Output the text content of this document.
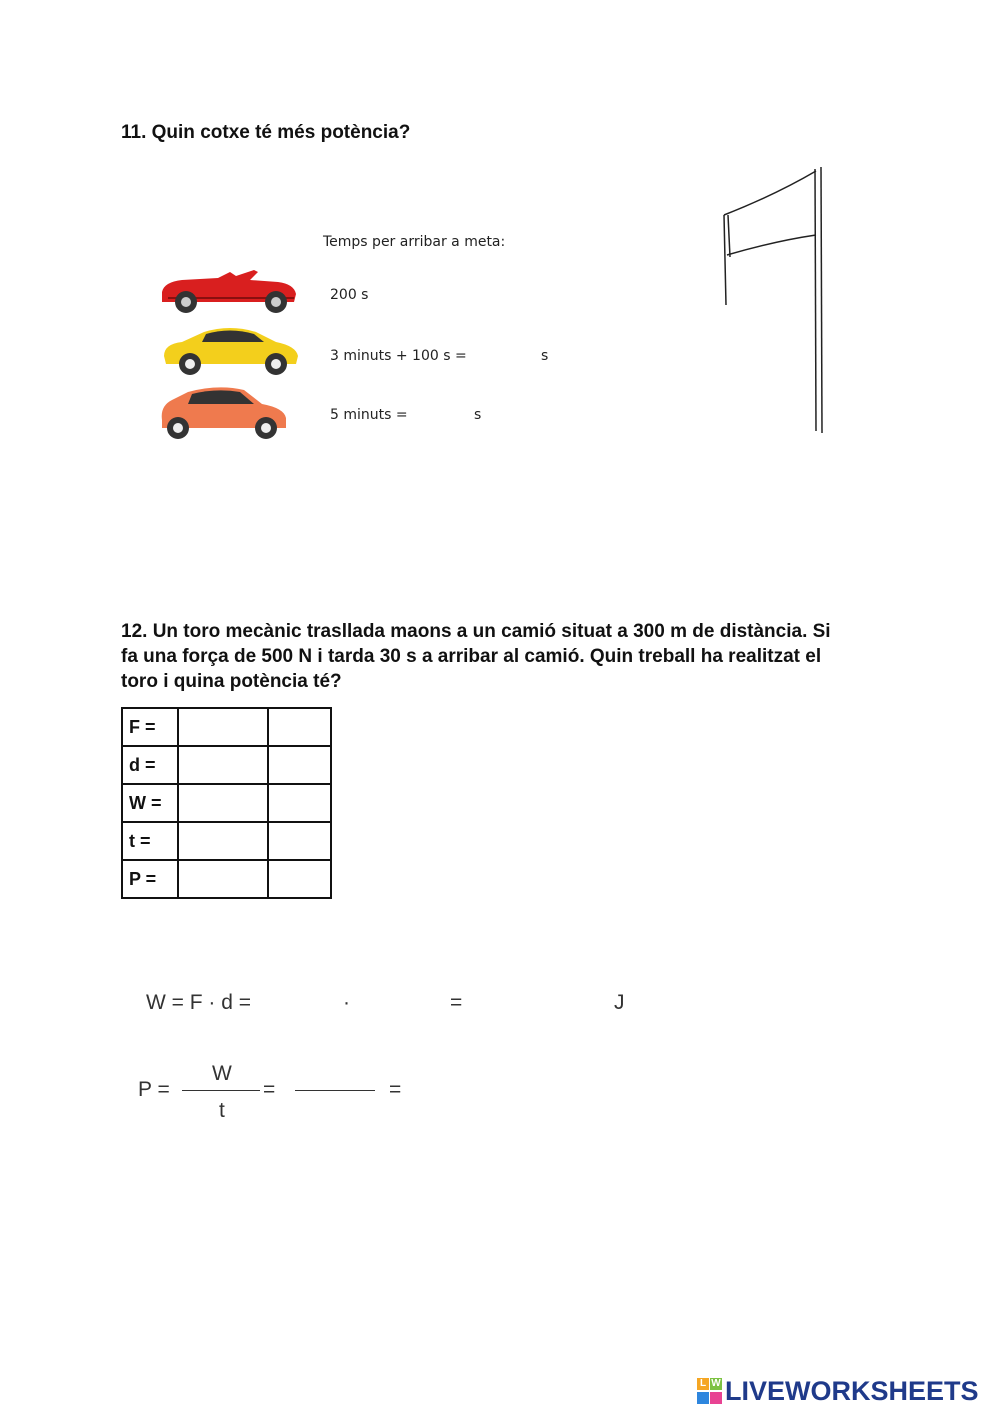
11. Quin cotxe té més potència?
Temps per arribar a meta:
200 s
3 minuts + 100 s =	s
5 minuts =	s
12. Un toro mecànic traslla​da maons a un camió situat a 300 m de distància. Si
fa una força de 500 N i tarda 30 s a arribar al camió. Quin treball ha realitzat el
toro i quina potència té?
F =		
d =		
W =		
t =		
P =		
W = F · d =	·	=	J
P =
W
t
=	=
L W LIVEWORKSHEETS
